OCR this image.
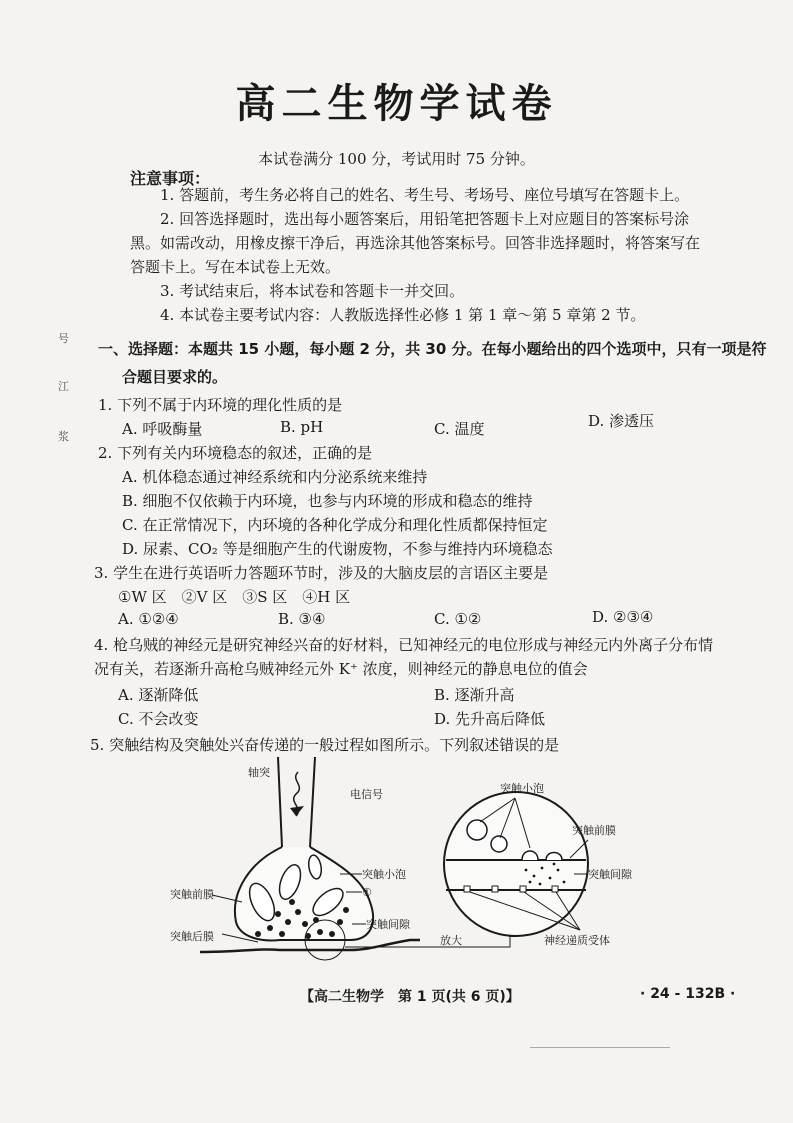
高二生物学试卷
本试卷满分 100 分，考试用时 75 分钟。
注意事项：
1. 答题前，考生务必将自己的姓名、考生号、考场号、座位号填写在答题卡上。
2. 回答选择题时，选出每小题答案后，用铅笔把答题卡上对应题目的答案标号涂
黑。如需改动，用橡皮擦干净后，再选涂其他答案标号。回答非选择题时，将答案写在
答题卡上。写在本试卷上无效。
3. 考试结束后，将本试卷和答题卡一并交回。
4. 本试卷主要考试内容：人教版选择性必修 1 第 1 章～第 5 章第 2 节。
号
江
浆
一、选择题：本题共 15 小题，每小题 2 分，共 30 分。在每小题给出的四个选项中，只有一项是符
合题目要求的。
1. 下列不属于内环境的理化性质的是
A. 呼吸酶量	B. pH	C. 温度	D. 渗透压
2. 下列有关内环境稳态的叙述，正确的是
A. 机体稳态通过神经系统和内分泌系统来维持
B. 细胞不仅依赖于内环境，也参与内环境的形成和稳态的维持
C. 在正常情况下，内环境的各种化学成分和理化性质都保持恒定
D. 尿素、CO₂ 等是细胞产生的代谢废物，不参与维持内环境稳态
3. 学生在进行英语听力答题环节时，涉及的大脑皮层的言语区主要是
①W 区　②V 区　③S 区　④H 区
A. ①②④	B. ③④	C. ①②	D. ②③④
4. 枪乌贼的神经元是研究神经兴奋的好材料，已知神经元的电位形成与神经元内外离子分布情
况有关，若逐渐升高枪乌贼神经元外 K⁺ 浓度，则神经元的静息电位的值会
A. 逐渐降低	B. 逐渐升高
C. 不会改变	D. 先升高后降低
5. 突触结构及突触处兴奋传递的一般过程如图所示。下列叙述错误的是
轴突
电信号
突触小泡
①
突触前膜
突触后膜
突触间隙
放大
突触小泡
突触前膜
突触间隙
神经递质受体
【高二生物学　第 1 页(共 6 页)】	· 24 - 132B ·
